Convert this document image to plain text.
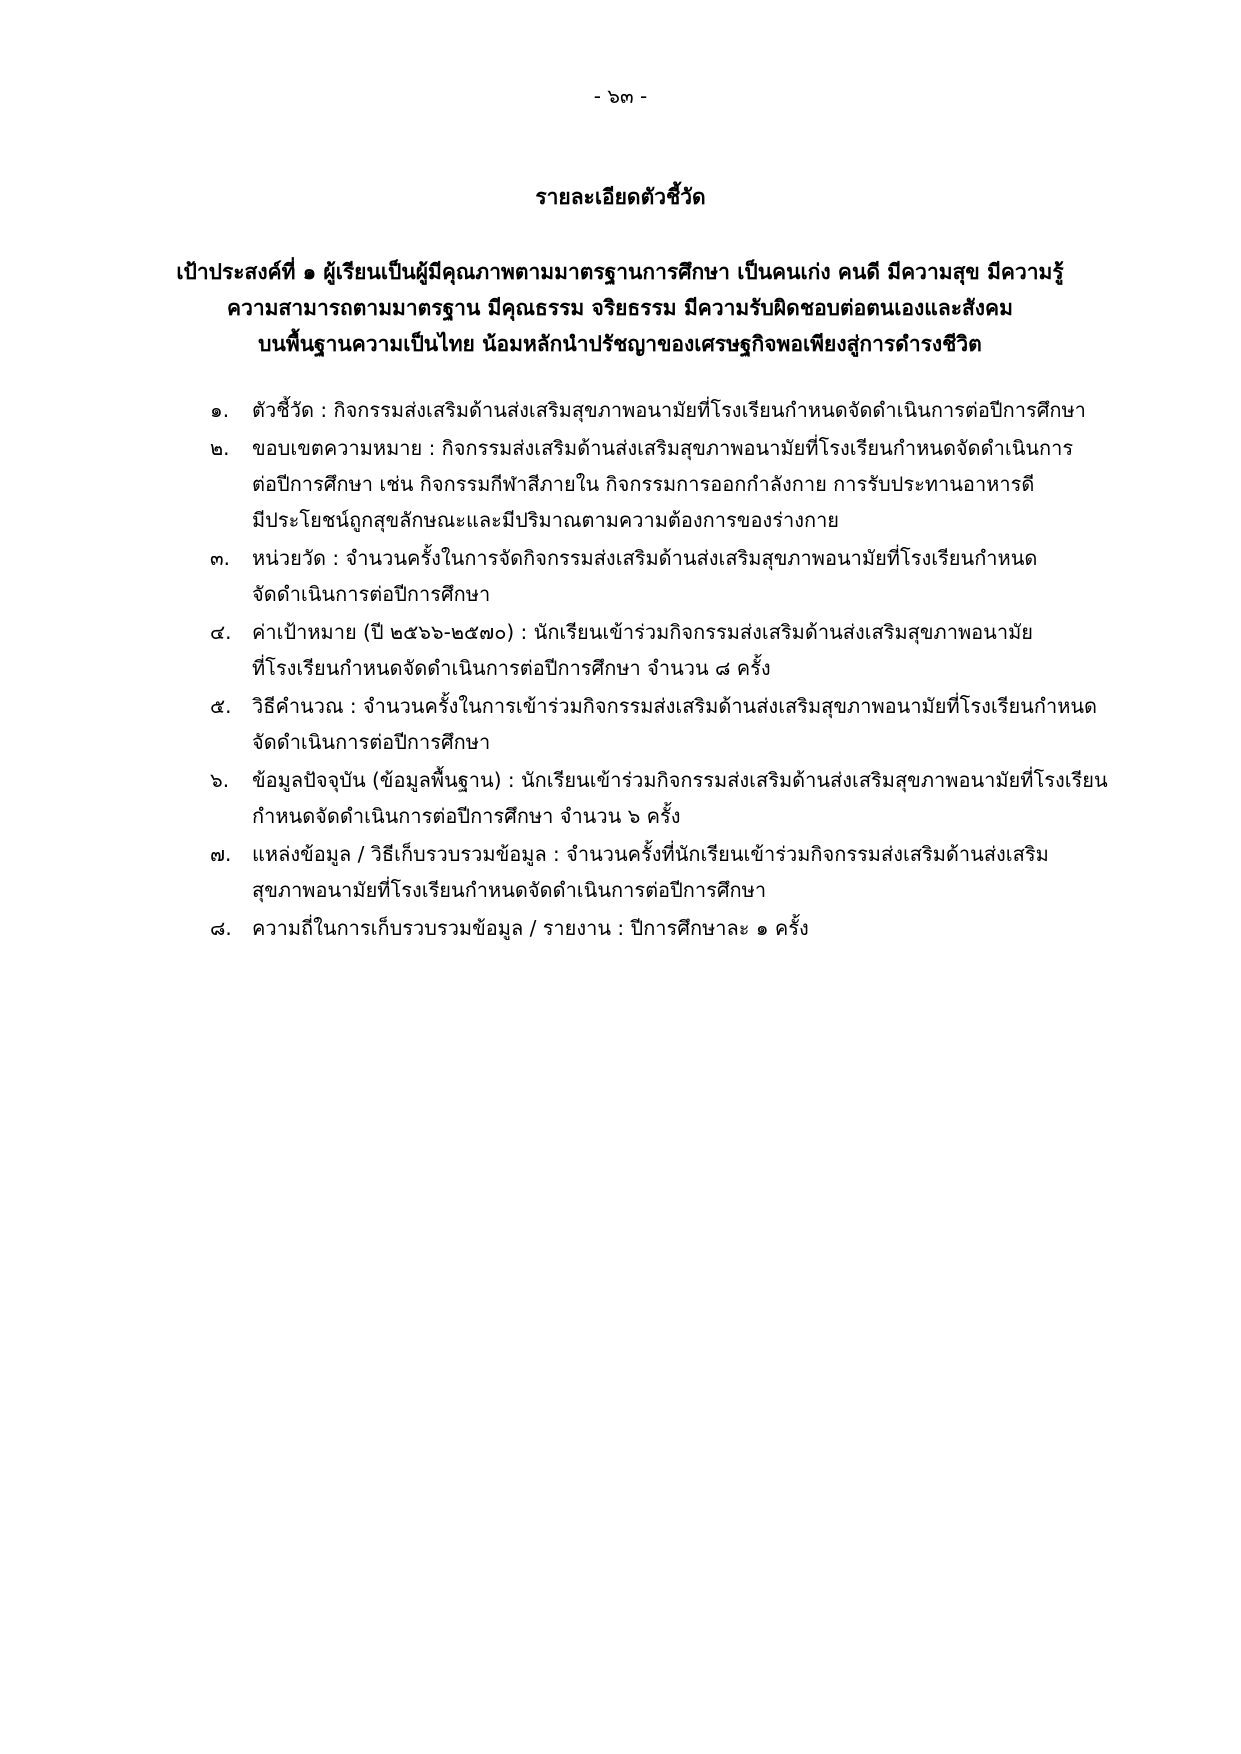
- ๖๓ -
รายละเอียดตัวชี้วัด
เป้าประสงค์ที่ ๑ ผู้เรียนเป็นผู้มีคุณภาพตามมาตรฐานการศึกษา เป็นคนเก่ง คนดี มีความสุข มีความรู้
ความสามารถตามมาตรฐาน มีคุณธรรม จริยธรรม มีความรับผิดชอบต่อตนเองและสังคม
บนพื้นฐานความเป็นไทย น้อมหลักนำปรัชญาของเศรษฐกิจพอเพียงสู่การดำรงชีวิต
๑.	ตัวชี้วัด : กิจกรรมส่งเสริมด้านส่งเสริมสุขภาพอนามัยที่โรงเรียนกำหนดจัดดำเนินการต่อปีการศึกษา
๒.	ขอบเขตความหมาย : กิจกรรมส่งเสริมด้านส่งเสริมสุขภาพอนามัยที่โรงเรียนกำหนดจัดดำเนินการ
ต่อปีการศึกษา เช่น กิจกรรมกีฬาสีภายใน กิจกรรมการออกกำลังกาย การรับประทานอาหารดี
มีประโยชน์ถูกสุขลักษณะและมีปริมาณตามความต้องการของร่างกาย
๓.	หน่วยวัด : จำนวนครั้งในการจัดกิจกรรมส่งเสริมด้านส่งเสริมสุขภาพอนามัยที่โรงเรียนกำหนด
จัดดำเนินการต่อปีการศึกษา
๔.	ค่าเป้าหมาย (ปี ๒๕๖๖-๒๕๗๐) : นักเรียนเข้าร่วมกิจกรรมส่งเสริมด้านส่งเสริมสุขภาพอนามัย
ที่โรงเรียนกำหนดจัดดำเนินการต่อปีการศึกษา จำนวน ๘ ครั้ง
๕.	วิธีคำนวณ : จำนวนครั้งในการเข้าร่วมกิจกรรมส่งเสริมด้านส่งเสริมสุขภาพอนามัยที่โรงเรียนกำหนด
จัดดำเนินการต่อปีการศึกษา
๖.	ข้อมูลปัจจุบัน (ข้อมูลพื้นฐาน) : นักเรียนเข้าร่วมกิจกรรมส่งเสริมด้านส่งเสริมสุขภาพอนามัยที่โรงเรียน
กำหนดจัดดำเนินการต่อปีการศึกษา จำนวน ๖ ครั้ง
๗.	แหล่งข้อมูล / วิธีเก็บรวบรวมข้อมูล : จำนวนครั้งที่นักเรียนเข้าร่วมกิจกรรมส่งเสริมด้านส่งเสริม
สุขภาพอนามัยที่โรงเรียนกำหนดจัดดำเนินการต่อปีการศึกษา
๘.	ความถี่ในการเก็บรวบรวมข้อมูล / รายงาน : ปีการศึกษาละ ๑ ครั้ง
